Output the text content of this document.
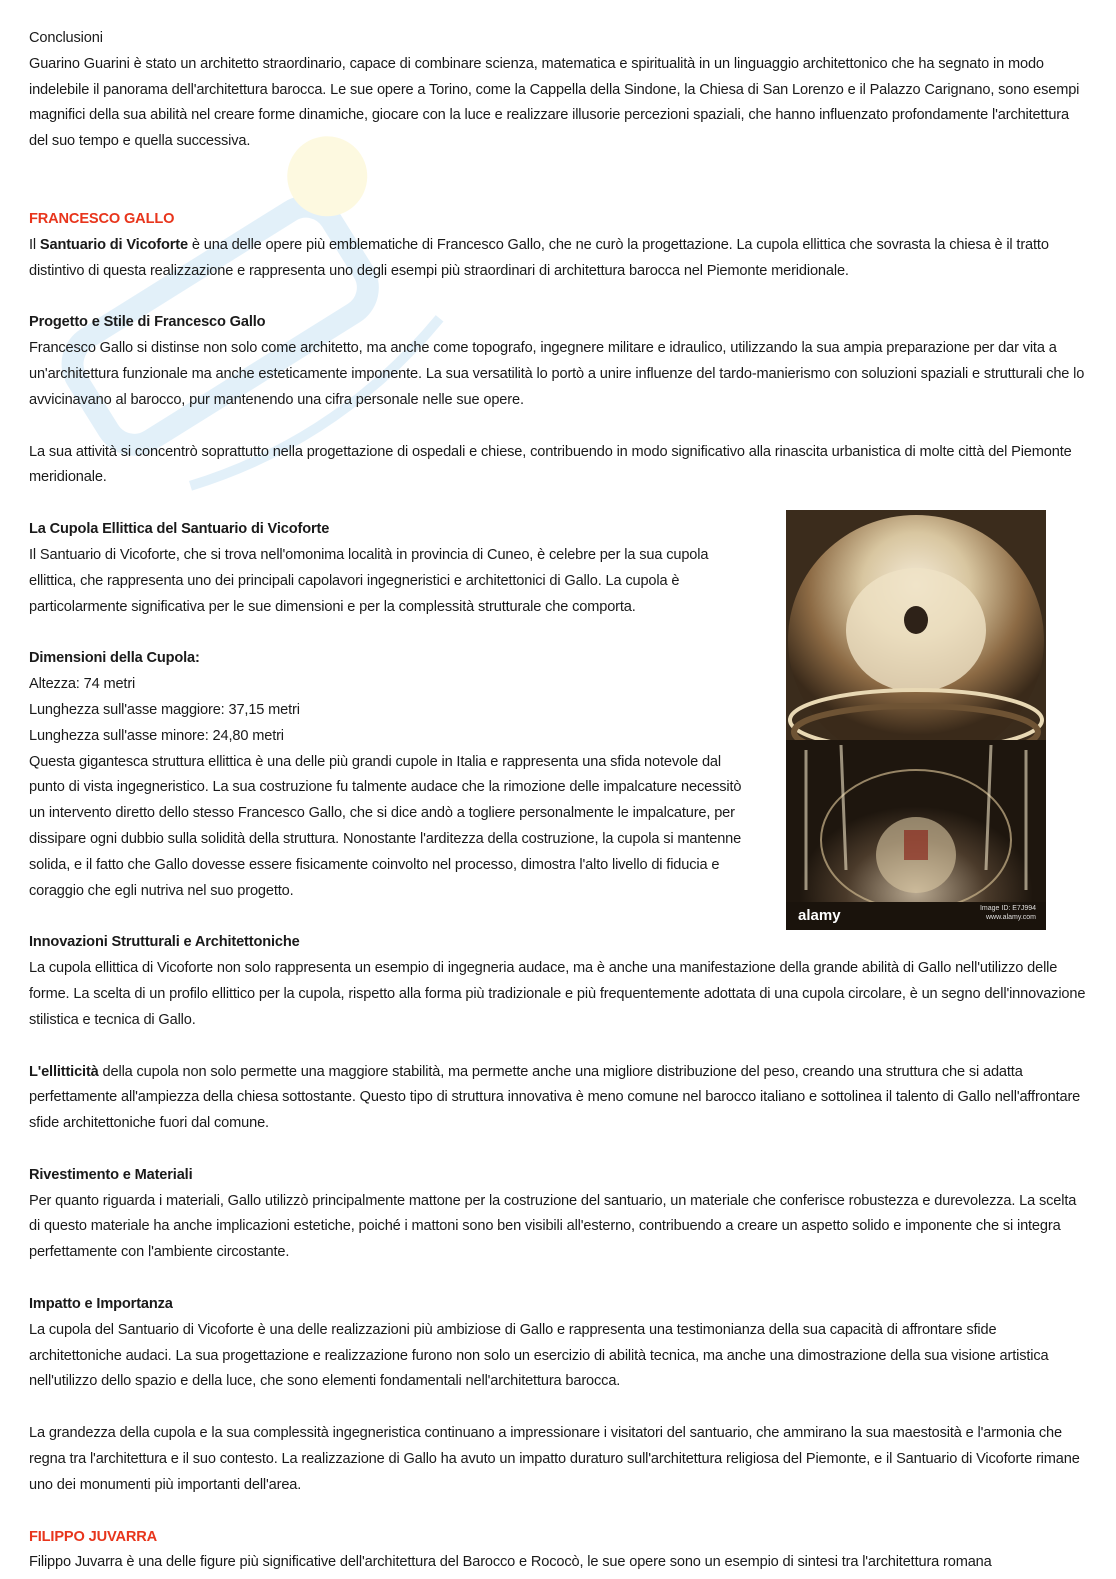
Conclusioni

Guarino Guarini è stato un architetto straordinario, capace di combinare scienza, matematica e spiritualità in un linguaggio architettonico che ha segnato in modo indelebile il panorama dell'architettura barocca. Le sue opere a Torino, come la Cappella della Sindone, la Chiesa di San Lorenzo e il Palazzo Carignano, sono esempi magnifici della sua abilità nel creare forme dinamiche, giocare con la luce e realizzare illusorie percezioni spaziali, che hanno influenzato profondamente l'architettura del suo tempo e quella successiva.

FRANCESCO GALLO

Il Santuario di Vicoforte è una delle opere più emblematiche di Francesco Gallo, che ne curò la progettazione. La cupola ellittica che sovrasta la chiesa è il tratto distintivo di questa realizzazione e rappresenta uno degli esempi più straordinari di architettura barocca nel Piemonte meridionale.

Progetto e Stile di Francesco Gallo

Francesco Gallo si distinse non solo come architetto, ma anche come topografo, ingegnere militare e idraulico, utilizzando la sua ampia preparazione per dar vita a un'architettura funzionale ma anche esteticamente imponente. La sua versatilità lo portò a unire influenze del tardo-manierismo con soluzioni spaziali e strutturali che lo avvicinavano al barocco, pur mantenendo una cifra personale nelle sue opere.

La sua attività si concentrò soprattutto nella progettazione di ospedali e chiese, contribuendo in modo significativo alla rinascita urbanistica di molte città del Piemonte meridionale.

La Cupola Ellittica del Santuario di Vicoforte

Il Santuario di Vicoforte, che si trova nell'omonima località in provincia di Cuneo, è celebre per la sua cupola ellittica, che rappresenta uno dei principali capolavori ingegneristici e architettonici di Gallo. La cupola è particolarmente significativa per le sue dimensioni e per la complessità strutturale che comporta.

Dimensioni della Cupola:

Altezza: 74 metri

Lunghezza sull'asse maggiore: 37,15 metri

Lunghezza sull'asse minore: 24,80 metri

Questa gigantesca struttura ellittica è una delle più grandi cupole in Italia e rappresenta una sfida notevole dal punto di vista ingegneristico. La sua costruzione fu talmente audace che la rimozione delle impalcature necessitò un intervento diretto dello stesso Francesco Gallo, che si dice andò a togliere personalmente le impalcature, per dissipare ogni dubbio sulla solidità della struttura. Nonostante l'arditezza della costruzione, la cupola si mantenne solida, e il fatto che Gallo dovesse essere fisicamente coinvolto nel processo, dimostra l'alto livello di fiducia e coraggio che egli nutriva nel suo progetto.

Innovazioni Strutturali e Architettoniche

La cupola ellittica di Vicoforte non solo rappresenta un esempio di ingegneria audace, ma è anche una manifestazione della grande abilità di Gallo nell'utilizzo delle forme. La scelta di un profilo ellittico per la cupola, rispetto alla forma più tradizionale e più frequentemente adottata di una cupola circolare, è un segno dell'innovazione stilistica e tecnica di Gallo.

L'ellitticità della cupola non solo permette una maggiore stabilità, ma permette anche una migliore distribuzione del peso, creando una struttura che si adatta perfettamente all'ampiezza della chiesa sottostante. Questo tipo di struttura innovativa è meno comune nel barocco italiano e sottolinea il talento di Gallo nell'affrontare sfide architettoniche fuori dal comune.

Rivestimento e Materiali

Per quanto riguarda i materiali, Gallo utilizzò principalmente mattone per la costruzione del santuario, un materiale che conferisce robustezza e durevolezza. La scelta di questo materiale ha anche implicazioni estetiche, poiché i mattoni sono ben visibili all'esterno, contribuendo a creare un aspetto solido e imponente che si integra perfettamente con l'ambiente circostante.

Impatto e Importanza

La cupola del Santuario di Vicoforte è una delle realizzazioni più ambiziose di Gallo e rappresenta una testimonianza della sua capacità di affrontare sfide architettoniche audaci. La sua progettazione e realizzazione furono non solo un esercizio di abilità tecnica, ma anche una dimostrazione della sua visione artistica nell'utilizzo dello spazio e della luce, che sono elementi fondamentali nell'architettura barocca.

La grandezza della cupola e la sua complessità ingegneristica continuano a impressionare i visitatori del santuario, che ammirano la sua maestosità e l'armonia che regna tra l'architettura e il suo contesto. La realizzazione di Gallo ha avuto un impatto duraturo sull'architettura religiosa del Piemonte, e il Santuario di Vicoforte rimane uno dei monumenti più importanti dell'area.

FILIPPO JUVARRA

Filippo Juvarra è una delle figure più significative dell'architettura del Barocco e Rococò, le sue opere sono un esempio di sintesi tra l'architettura romana

alamy	Image ID: E7J994
www.alamy.com
